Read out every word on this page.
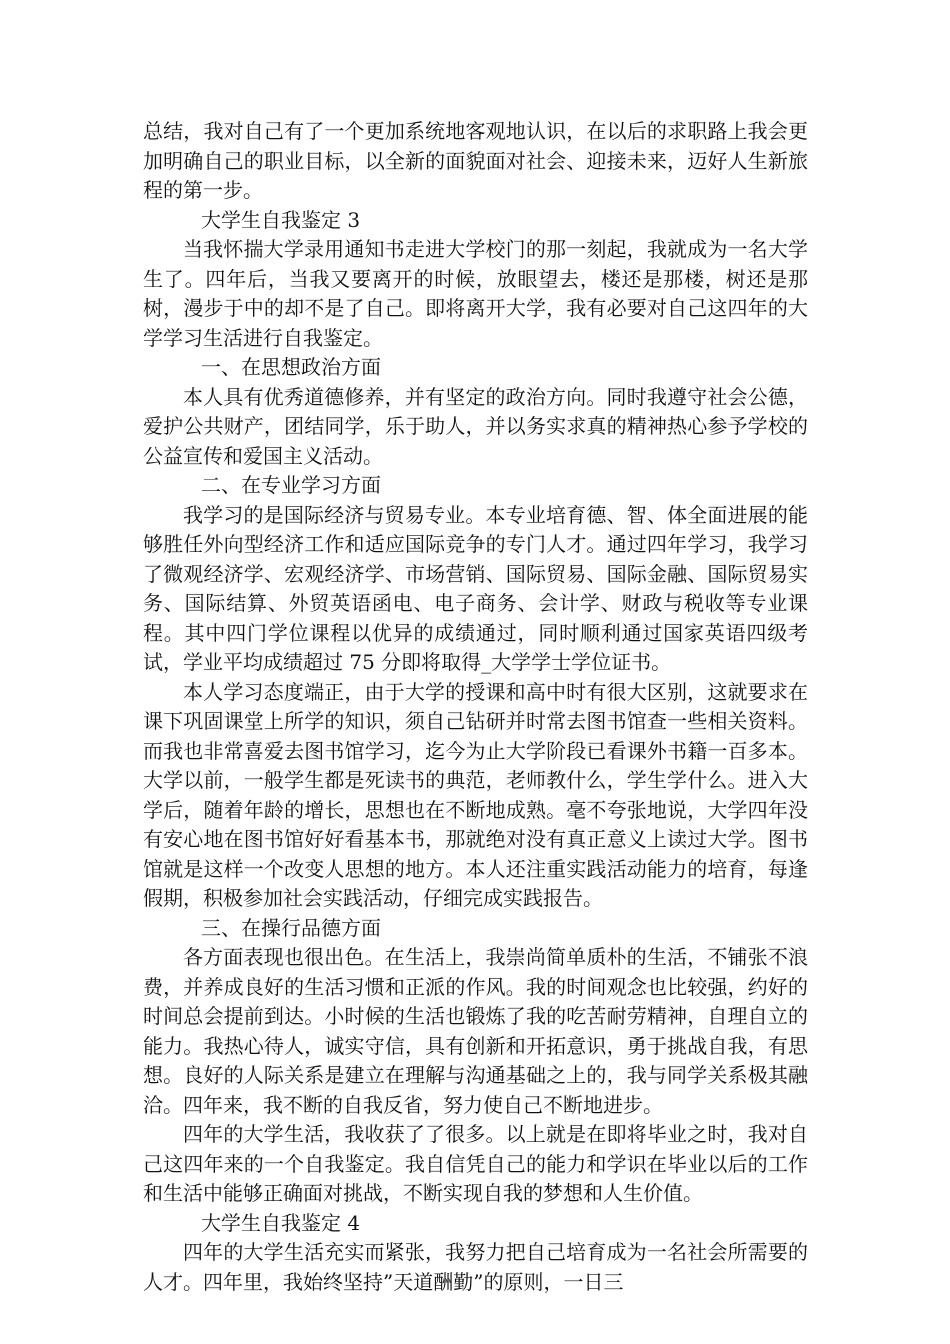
总结，我对自己有了一个更加系统地客观地认识，在以后的求职路上我会更加明确自己的职业目标，以全新的面貌面对社会、迎接未来，迈好人生新旅程的第一步。

大学生自我鉴定 3

当我怀揣大学录用通知书走进大学校门的那一刻起，我就成为一名大学生了。四年后，当我又要离开的时候，放眼望去，楼还是那楼，树还是那树，漫步于中的却不是了自己。即将离开大学，我有必要对自己这四年的大学学习生活进行自我鉴定。

一、在思想政治方面

本人具有优秀道德修养，并有坚定的政治方向。同时我遵守社会公德，爱护公共财产，团结同学，乐于助人，并以务实求真的精神热心参予学校的公益宣传和爱国主义活动。

二、在专业学习方面

我学习的是国际经济与贸易专业。本专业培育德、智、体全面进展的能够胜任外向型经济工作和适应国际竞争的专门人才。通过四年学习，我学习了微观经济学、宏观经济学、市场营销、国际贸易、国际金融、国际贸易实务、国际结算、外贸英语函电、电子商务、会计学、财政与税收等专业课程。其中四门学位课程以优异的成绩通过，同时顺利通过国家英语四级考试，学业平均成绩超过 75 分即将取得_大学学士学位证书。

本人学习态度端正，由于大学的授课和高中时有很大区别，这就要求在课下巩固课堂上所学的知识，须自己钻研并时常去图书馆查一些相关资料。而我也非常喜爱去图书馆学习，迄今为止大学阶段已看课外书籍一百多本。大学以前，一般学生都是死读书的典范，老师教什么，学生学什么。进入大学后，随着年龄的增长，思想也在不断地成熟。毫不夸张地说，大学四年没有安心地在图书馆好好看基本书，那就绝对没有真正意义上读过大学。图书馆就是这样一个改变人思想的地方。本人还注重实践活动能力的培育，每逢假期，积极参加社会实践活动，仔细完成实践报告。

三、在操行品德方面

各方面表现也很出色。在生活上，我崇尚简单质朴的生活，不铺张不浪费，并养成良好的生活习惯和正派的作风。我的时间观念也比较强，约好的时间总会提前到达。小时候的生活也锻炼了我的吃苦耐劳精神，自理自立的能力。我热心待人，诚实守信，具有创新和开拓意识，勇于挑战自我，有思想。良好的人际关系是建立在理解与沟通基础之上的，我与同学关系极其融洽。四年来，我不断的自我反省，努力使自己不断地进步。

四年的大学生活，我收获了了很多。以上就是在即将毕业之时，我对自己这四年来的一个自我鉴定。我自信凭自己的能力和学识在毕业以后的工作和生活中能够正确面对挑战，不断实现自我的梦想和人生价值。

大学生自我鉴定 4

四年的大学生活充实而紧张，我努力把自己培育成为一名社会所需要的人才。四年里，我始终坚持”天道酬勤”的原则，一日三
